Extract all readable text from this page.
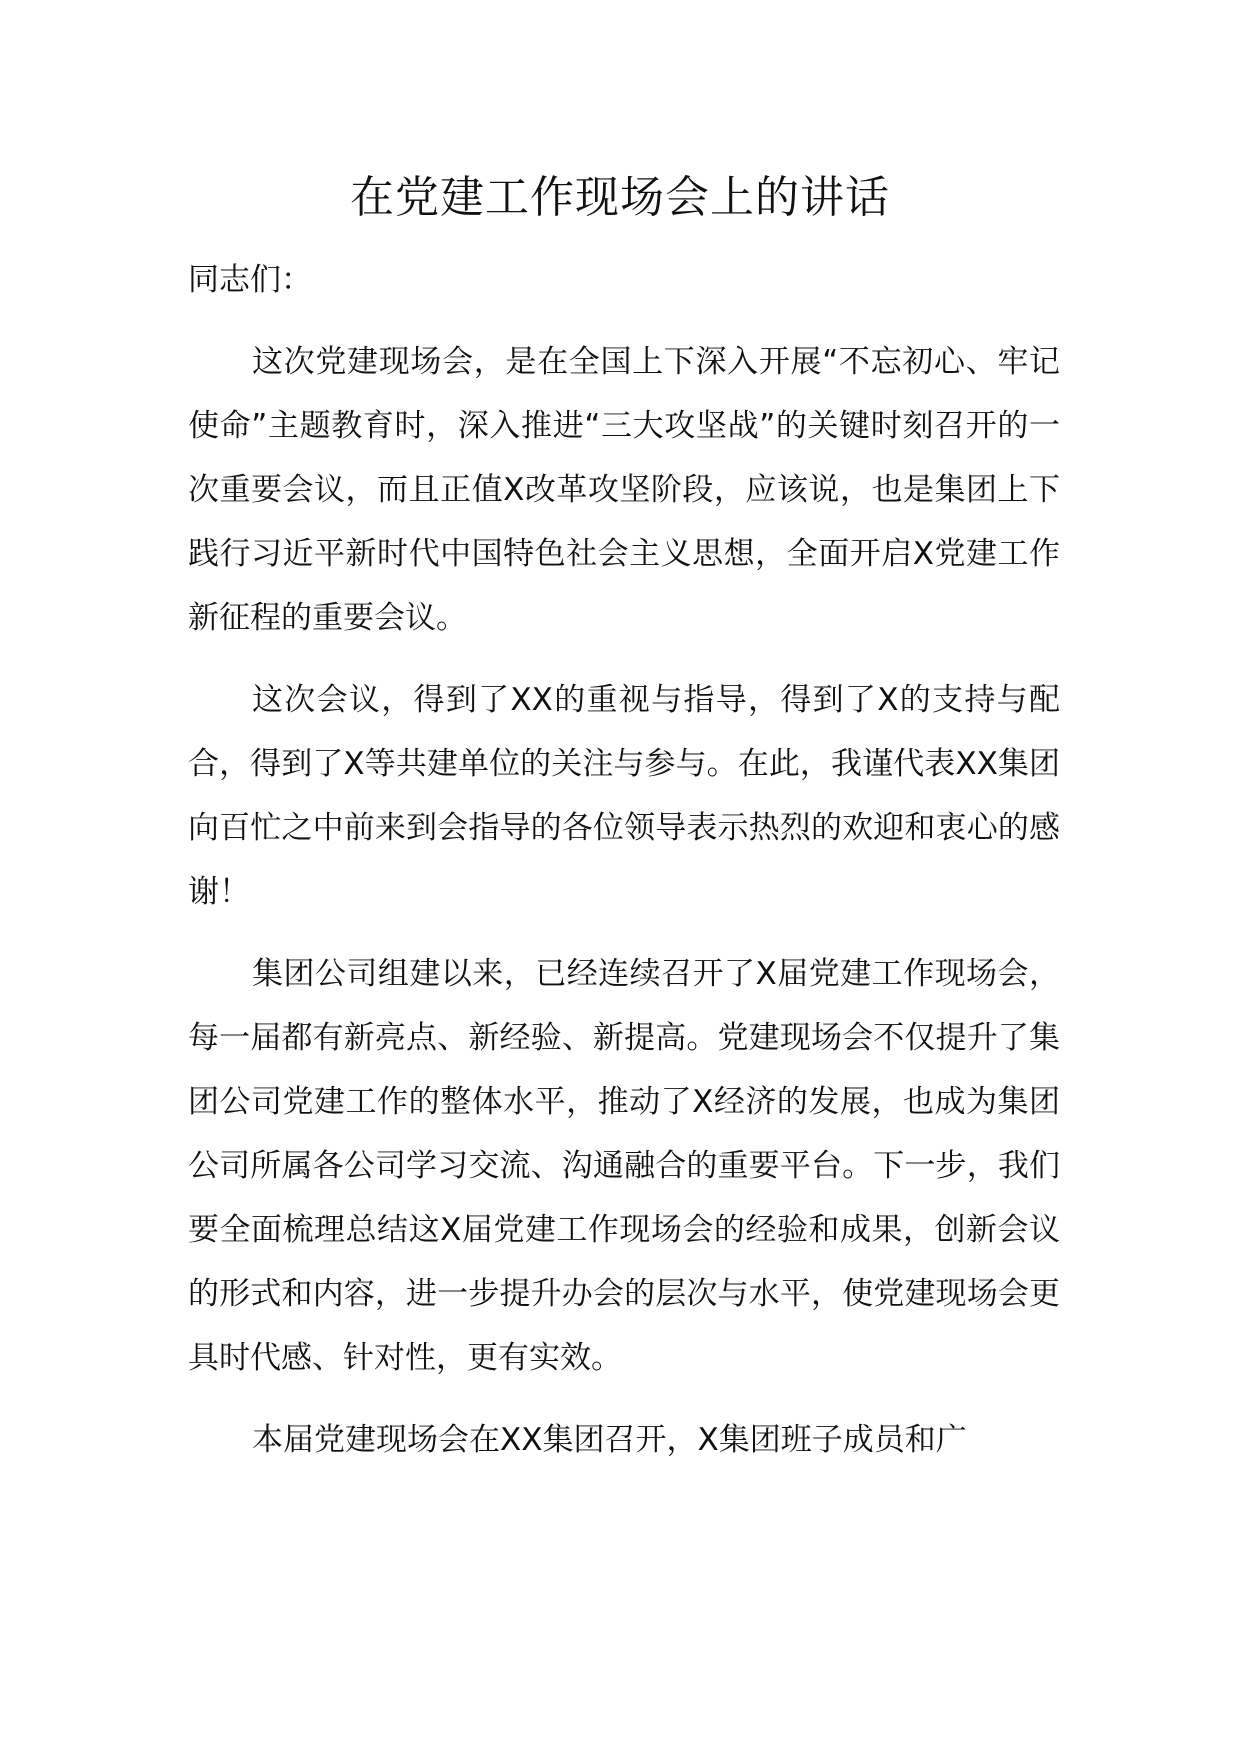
在党建工作现场会上的讲话

同志们：

这次党建现场会，是在全国上下深入开展“不忘初心、牢记使命”主题教育时，深入推进“三大攻坚战”的关键时刻召开的一次重要会议，而且正值X改革攻坚阶段，应该说，也是集团上下践行习近平新时代中国特色社会主义思想，全面开启X党建工作新征程的重要会议。

这次会议，得到了XX的重视与指导，得到了X的支持与配合，得到了X等共建单位的关注与参与。在此，我谨代表XX集团向百忙之中前来到会指导的各位领导表示热烈的欢迎和衷心的感谢！

集团公司组建以来，已经连续召开了X届党建工作现场会，每一届都有新亮点、新经验、新提高。党建现场会不仅提升了集团公司党建工作的整体水平，推动了X经济的发展，也成为集团公司所属各公司学习交流、沟通融合的重要平台。下一步，我们要全面梳理总结这X届党建工作现场会的经验和成果，创新会议的形式和内容，进一步提升办会的层次与水平，使党建现场会更具时代感、针对性，更有实效。

本届党建现场会在XX集团召开，X集团班子成员和广
